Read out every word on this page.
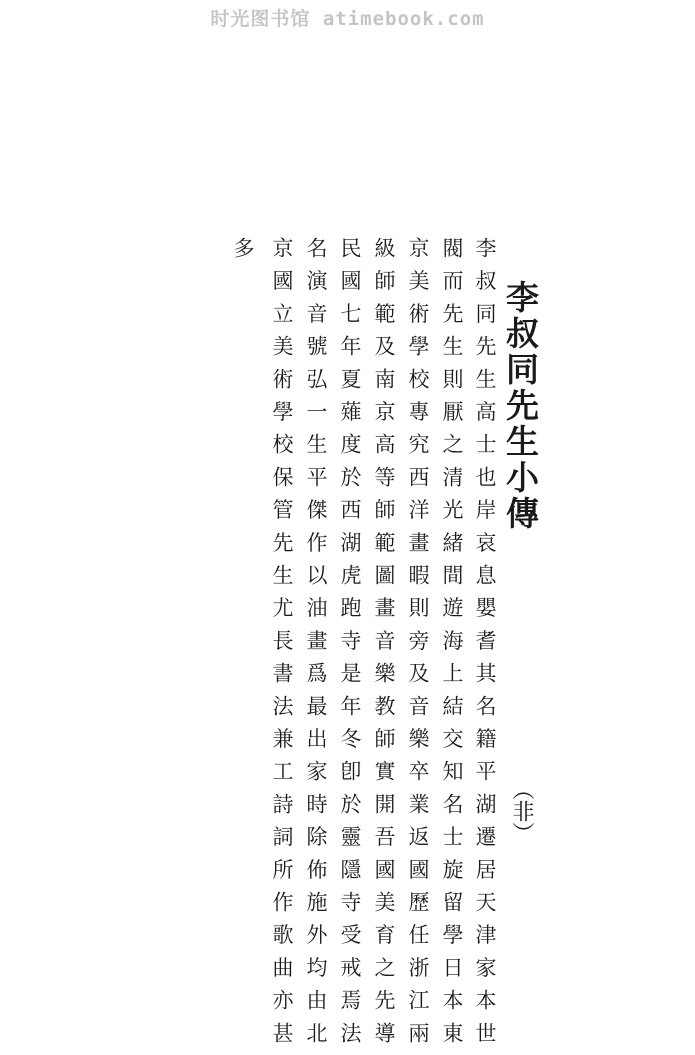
时光图书馆 atimebook.com
李叔同先生小傳
（非）
李叔同先生高士也岸哀息嬰耆其名籍平湖遷居天津家本世
閥而先生則厭之清光緒間遊海上結交知名士旋留學日本東
京美術學校專究西洋畫暇則旁及音樂卒業返國歷任浙江兩
級師範及南京高等師範圖畫音樂教師實開吾國美育之先導
民國七年夏薙度於西湖虎跑寺是年冬卽於靈隱寺受戒焉法
名演音號弘一生平傑作以油畫爲最出家時除佈施外均由北
京國立美術學校保管先生尤長書法兼工詩詞所作歌曲亦甚
多
